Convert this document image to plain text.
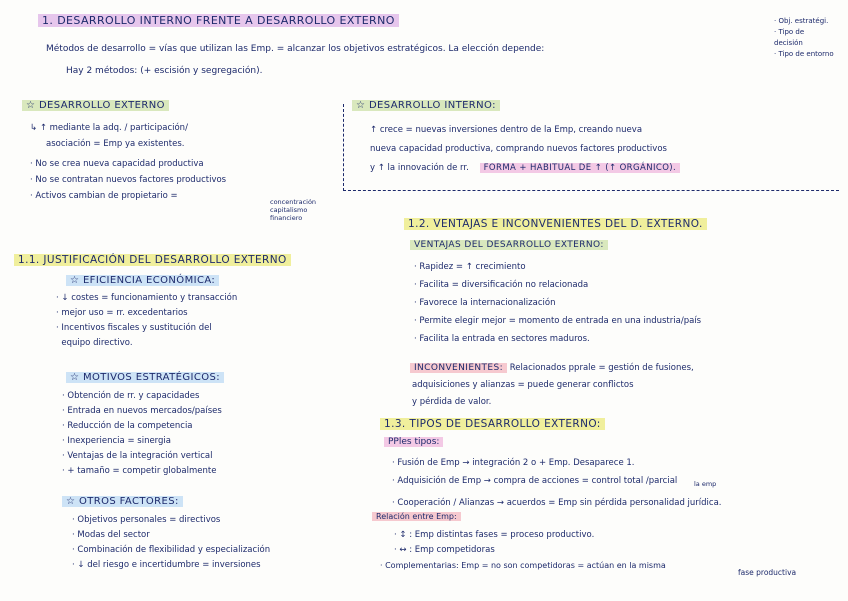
1. DESARROLLO INTERNO FRENTE A DESARROLLO EXTERNO
Métodos de desarrollo = vías que utilizan las Emp. = alcanzar los objetivos estratégicos. La elección depende:
Hay 2 métodos: (+ escisión y segregación).
· Obj. estratégi.
· Tipo de decisión
· Tipo de entorno
☆ DESARROLLO EXTERNO
↳ ↑ mediante la adq. / participación/
asociación = Emp ya existentes.
· No se crea nueva capacidad productiva
· No se contratan nuevos factores productivos
· Activos cambian de propietario =
concentración
capitalismo
financiero
☆ DESARROLLO INTERNO:
↑ crece = nuevas inversiones dentro de la Emp, creando nueva
nueva capacidad productiva, comprando nuevos factores productivos
y ↑ la innovación de rr. FORMA + HABITUAL DE ↑ (↑ ORGÁNICO).
1.1. JUSTIFICACIÓN DEL DESARROLLO EXTERNO
☆ EFICIENCIA ECONÓMICA:
· ↓ costes = funcionamiento y transacción
· mejor uso = rr. excedentarios
· Incentivos fiscales y sustitución del
equipo directivo.
☆ MOTIVOS ESTRATÉGICOS:
· Obtención de rr. y capacidades
· Entrada en nuevos mercados/países
· Reducción de la competencia
· Inexperiencia = sinergia
· Ventajas de la integración vertical
· + tamaño = competir globalmente
☆ OTROS FACTORES:
· Objetivos personales = directivos
· Modas del sector
· Combinación de flexibilidad y especialización
· ↓ del riesgo e incertidumbre = inversiones
1.2. VENTAJAS E INCONVENIENTES DEL D. EXTERNO.
VENTAJAS DEL DESARROLLO EXTERNO:
· Rapidez = ↑ crecimiento
· Facilita = diversificación no relacionada
· Favorece la internacionalización
· Permite elegir mejor = momento de entrada en una industria/país
· Facilita la entrada en sectores maduros.
INCONVENIENTES: Relacionados pprale = gestión de fusiones,
adquisiciones y alianzas = puede generar conflictos
y pérdida de valor.
1.3. TIPOS DE DESARROLLO EXTERNO:
PPles tipos:
· Fusión de Emp → integración 2 o + Emp. Desaparece 1.
· Adquisición de Emp → compra de acciones = control total /parcial
· Cooperación / Alianzas → acuerdos = Emp sin pérdida personalidad jurídica.
la emp
Relación entre Emp:
· ↕ : Emp distintas fases = proceso productivo.
· ↔ : Emp competidoras
· Complementarias: Emp = no son competidoras = actúan en la misma
fase productiva
